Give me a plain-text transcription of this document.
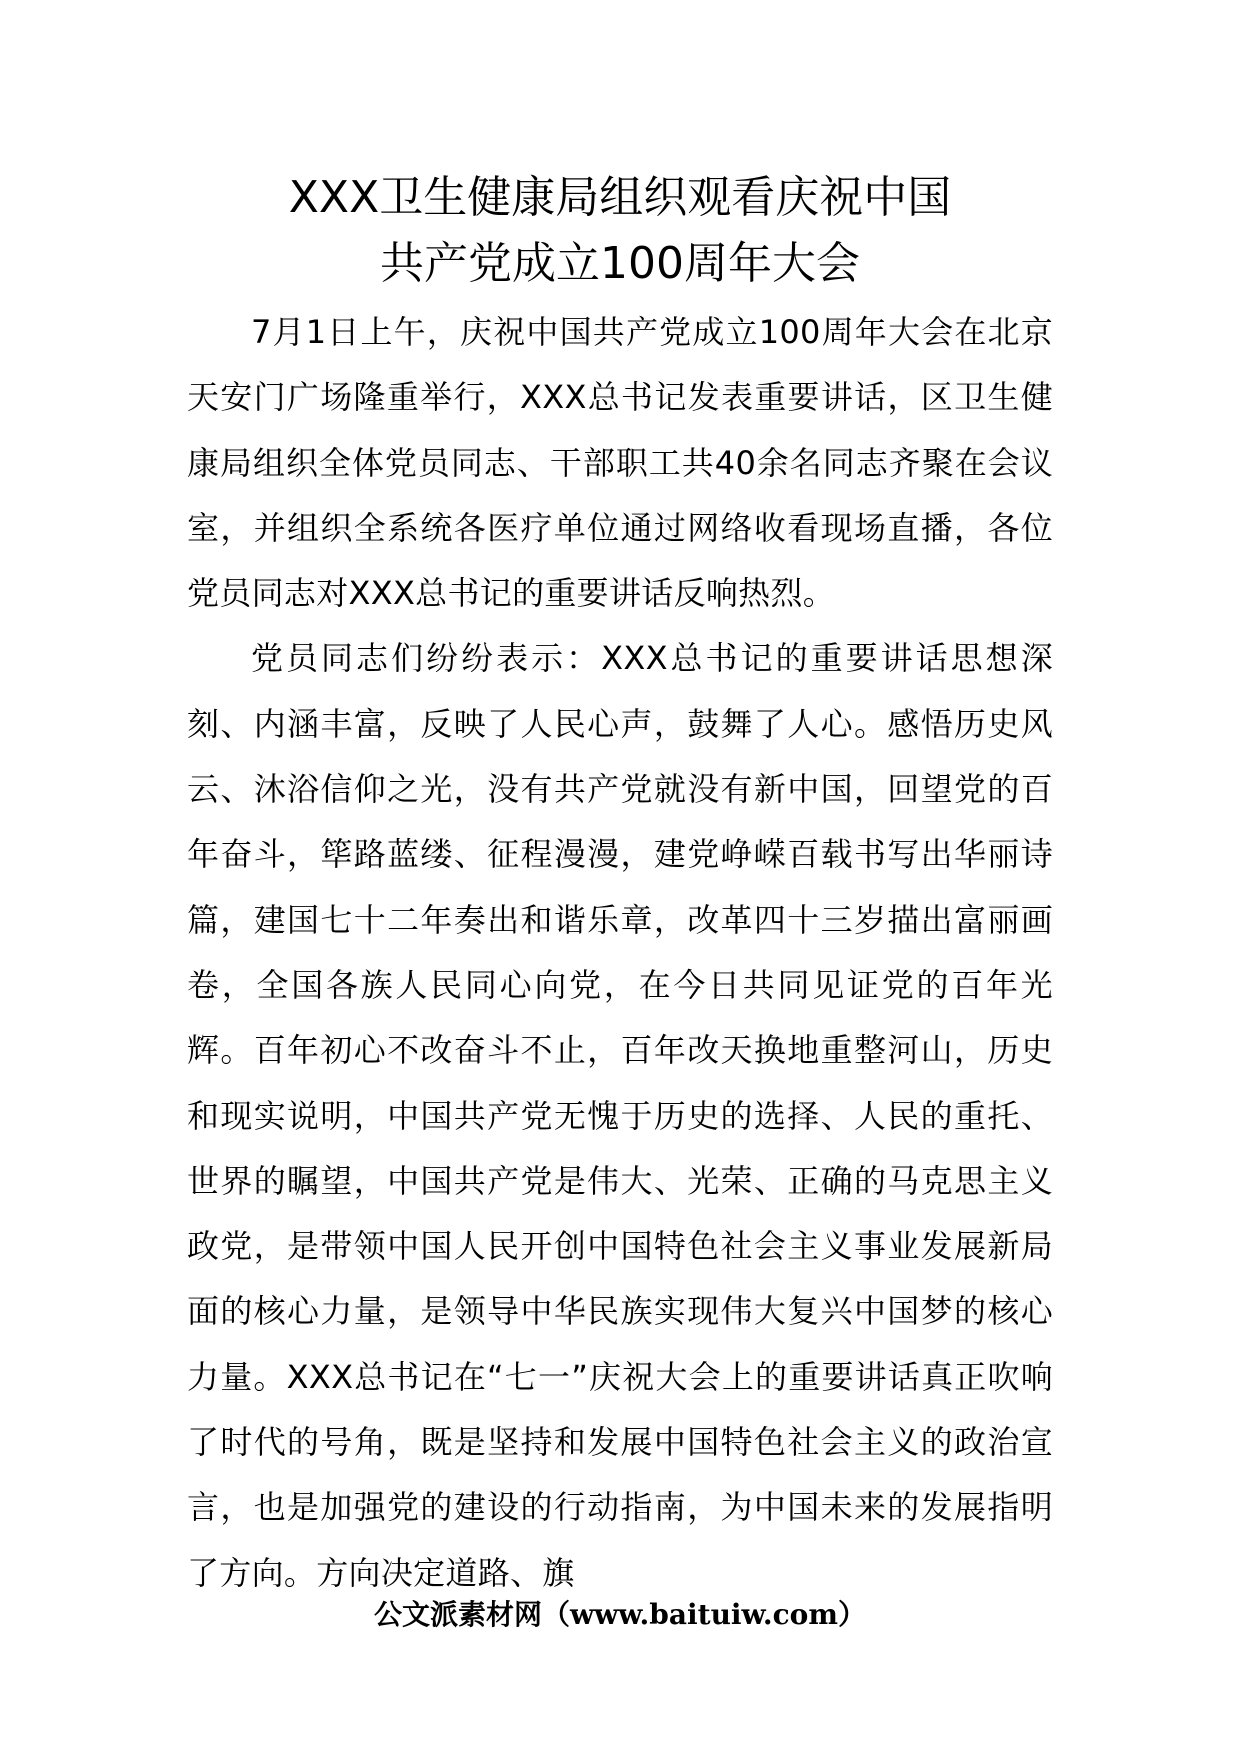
XXX卫生健康局组织观看庆祝中国
共产党成立100周年大会

7月1日上午，庆祝中国共产党成立100周年大会在北京天安门广场隆重举行，XXX总书记发表重要讲话，区卫生健康局组织全体党员同志、干部职工共40余名同志齐聚在会议室，并组织全系统各医疗单位通过网络收看现场直播，各位党员同志对XXX总书记的重要讲话反响热烈。

党员同志们纷纷表示：XXX总书记的重要讲话思想深刻、内涵丰富，反映了人民心声，鼓舞了人心。感悟历史风云、沐浴信仰之光，没有共产党就没有新中国，回望党的百年奋斗，筚路蓝缕、征程漫漫，建党峥嵘百载书写出华丽诗篇，建国七十二年奏出和谐乐章，改革四十三岁描出富丽画卷，全国各族人民同心向党，在今日共同见证党的百年光辉。百年初心不改奋斗不止，百年改天换地重整河山，历史和现实说明，中国共产党无愧于历史的选择、人民的重托、世界的瞩望，中国共产党是伟大、光荣、正确的马克思主义政党，是带领中国人民开创中国特色社会主义事业发展新局面的核心力量，是领导中华民族实现伟大复兴中国梦的核心力量。XXX总书记在“七一”庆祝大会上的重要讲话真正吹响了时代的号角，既是坚持和发展中国特色社会主义的政治宣言，也是加强党的建设的行动指南，为中国未来的发展指明了方向。方向决定道路、旗

公文派素材网（www.baituiw.com）
